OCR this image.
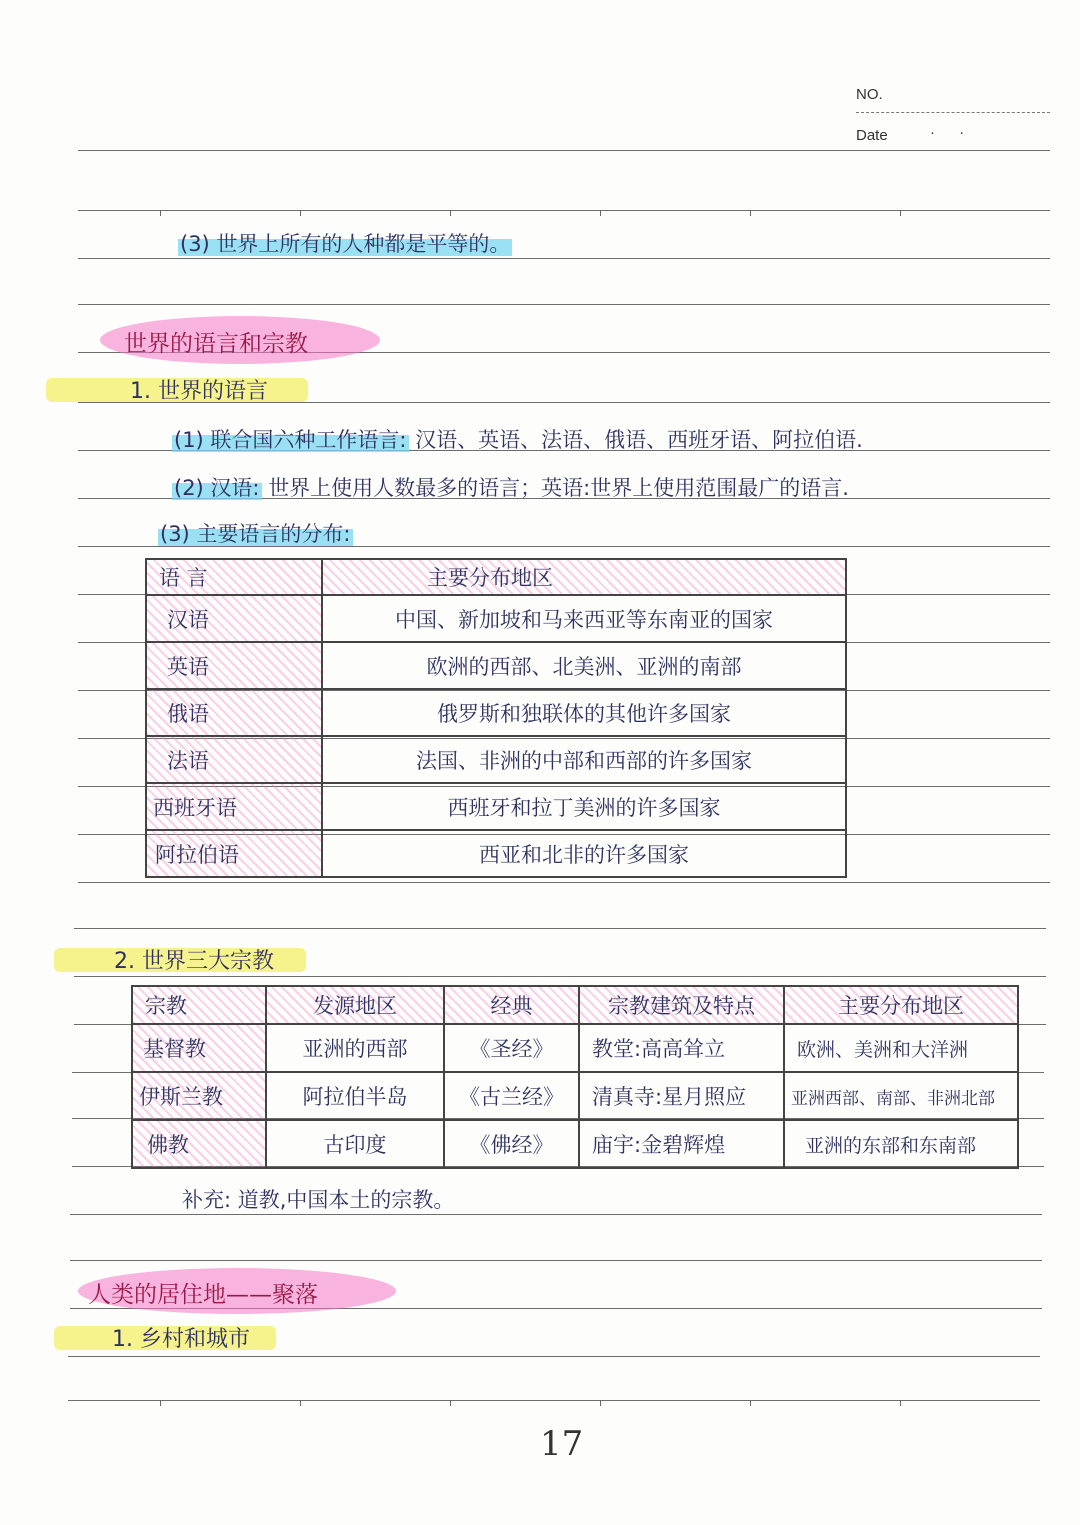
NO.
Date	· ·
(3) 世界上所有的人种都是平等的。
世界的语言和宗教
1. 世界的语言
(1) 联合国六种工作语言: 汉语、英语、法语、俄语、西班牙语、阿拉伯语.
(2) 汉语: 世界上使用人数最多的语言；英语:世界上使用范围最广的语言.
(3) 主要语言的分布:
语 言	主要分布地区
汉语	中国、新加坡和马来西亚等东南亚的国家
英语	欧洲的西部、北美洲、亚洲的南部
俄语	俄罗斯和独联体的其他许多国家
法语	法国、非洲的中部和西部的许多国家
西班牙语	西班牙和拉丁美洲的许多国家
阿拉伯语	西亚和北非的许多国家
2. 世界三大宗教
宗教	发源地区	经典	宗教建筑及特点	主要分布地区
基督教	亚洲的西部	《圣经》	教堂:高高耸立	欧洲、美洲和大洋洲
伊斯兰教	阿拉伯半岛	《古兰经》	清真寺:星月照应	亚洲西部、南部、非洲北部
佛教	古印度	《佛经》	庙宇:金碧辉煌	亚洲的东部和东南部
补充: 道教,中国本土的宗教。
人类的居住地——聚落
1. 乡村和城市
17
